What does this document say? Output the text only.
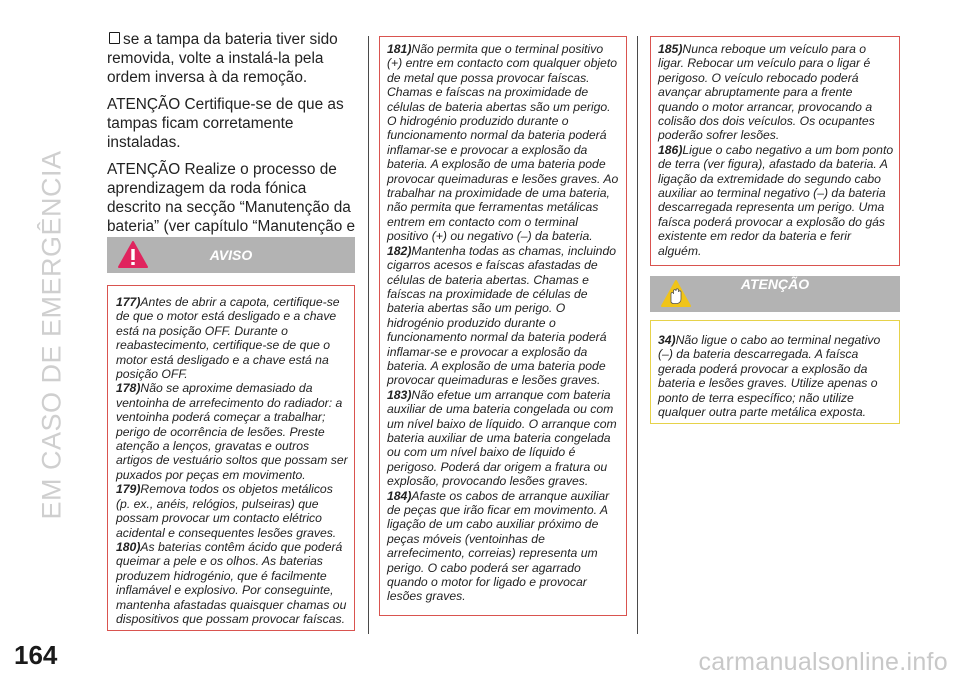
EM CASO DE EMERGÊNCIA
164	carmanualsonline.info

se a tampa da bateria tiver sido removida, volte a instalá-la pela ordem inversa à da remoção.

ATENÇÃO Certifique-se de que as tampas ficam corretamente instaladas.

ATENÇÃO Realize o processo de aprendizagem da roda fónica descrito na secção “Manutenção da bateria” (ver capítulo “Manutenção e

AVISO

177)Antes de abrir a capota, certifique-se de que o motor está desligado e a chave está na posição OFF. Durante o reabastecimento, certifique-se de que o motor está desligado e a chave está na posição OFF.

178)Não se aproxime demasiado da ventoinha de arrefecimento do radiador: a ventoinha poderá começar a trabalhar; perigo de ocorrência de lesões. Preste atenção a lenços, gravatas e outros artigos de vestuário soltos que possam ser puxados por peças em movimento.

179)Remova todos os objetos metálicos (p. ex., anéis, relógios, pulseiras) que possam provocar um contacto elétrico acidental e consequentes lesões graves.

180)As baterias contêm ácido que poderá queimar a pele e os olhos. As baterias produzem hidrogénio, que é facilmente inflamável e explosivo. Por conseguinte, mantenha afastadas quaisquer chamas ou dispositivos que possam provocar faíscas.

181)Não permita que o terminal positivo (+) entre em contacto com qualquer objeto de metal que possa provocar faíscas. Chamas e faíscas na proximidade de células de bateria abertas são um perigo. O hidrogénio produzido durante o funcionamento normal da bateria poderá inflamar-se e provocar a explosão da bateria. A explosão de uma bateria pode provocar queimaduras e lesões graves. Ao trabalhar na proximidade de uma bateria, não permita que ferramentas metálicas entrem em contacto com o terminal positivo (+) ou negativo (–) da bateria.

182)Mantenha todas as chamas, incluindo cigarros acesos e faíscas afastadas de células de bateria abertas. Chamas e faíscas na proximidade de células de bateria abertas são um perigo. O hidrogénio produzido durante o funcionamento normal da bateria poderá inflamar-se e provocar a explosão da bateria. A explosão de uma bateria pode provocar queimaduras e lesões graves.

183)Não efetue um arranque com bateria auxiliar de uma bateria congelada ou com um nível baixo de líquido. O arranque com bateria auxiliar de uma bateria congelada ou com um nível baixo de líquido é perigoso. Poderá dar origem a fratura ou explosão, provocando lesões graves.

184)Afaste os cabos de arranque auxiliar de peças que irão ficar em movimento. A ligação de um cabo auxiliar próximo de peças móveis (ventoinhas de arrefecimento, correias) representa um perigo. O cabo poderá ser agarrado quando o motor for ligado e provocar lesões graves.

185)Nunca reboque um veículo para o ligar. Rebocar um veículo para o ligar é perigoso. O veículo rebocado poderá avançar abruptamente para a frente quando o motor arrancar, provocando a colisão dos dois veículos. Os ocupantes poderão sofrer lesões.

186)Ligue o cabo negativo a um bom ponto de terra (ver figura), afastado da bateria. A ligação da extremidade do segundo cabo auxiliar ao terminal negativo (–) da bateria descarregada representa um perigo. Uma faísca poderá provocar a explosão do gás existente em redor da bateria e ferir alguém.

ATENÇÃO

34)Não ligue o cabo ao terminal negativo (–) da bateria descarregada. A faísca gerada poderá provocar a explosão da bateria e lesões graves. Utilize apenas o ponto de terra específico; não utilize qualquer outra parte metálica exposta.
